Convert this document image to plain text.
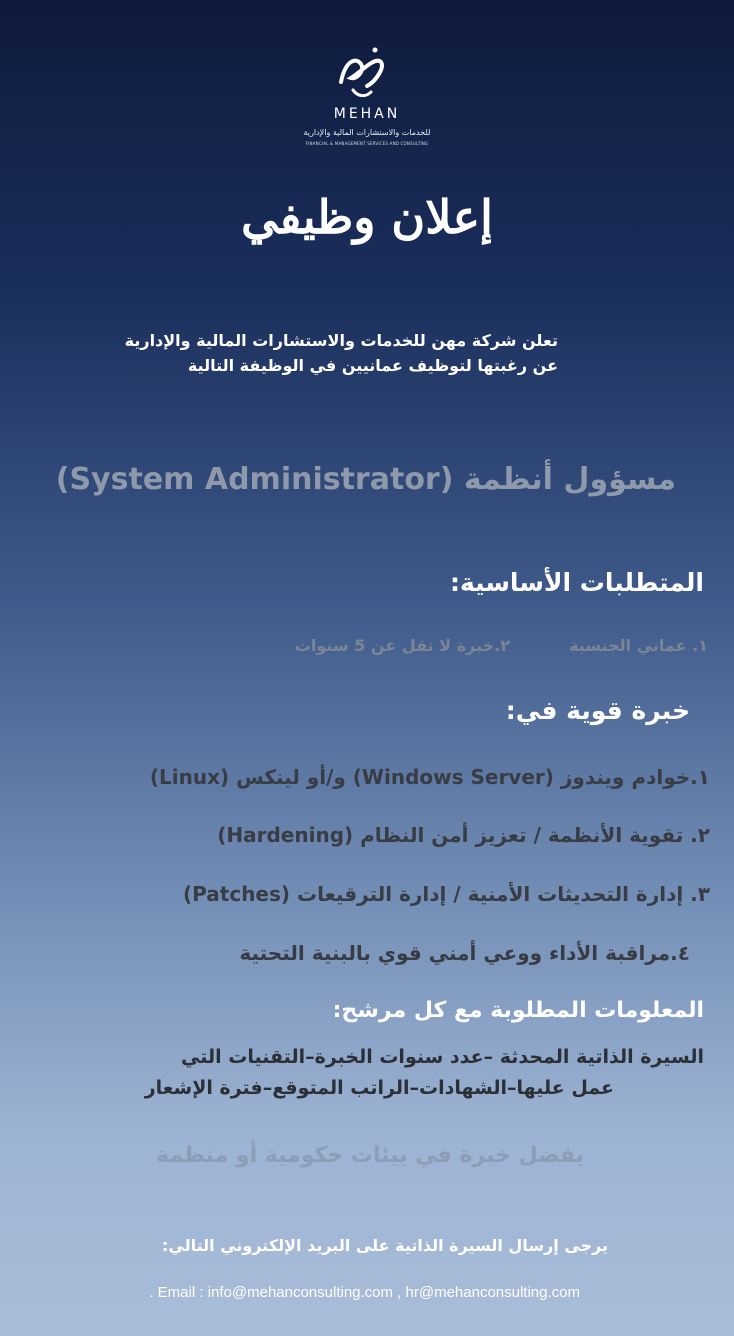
MEHAN
للخدمات والاستشارات المالية والإدارية
FINANCIAL & MANAGEMENT SERVICES AND CONSULTING
إعلان وظيفي
تعلن شركة مهن للخدمات والاستشارات المالية والإدارية
عن رغبتها لتوظيف عمانيين في الوظيفة التالية
مسؤول أنظمة (System Administrator)
المتطلبات الأساسية:
١. عماني الجنسية
٢.خبرة لا تقل عن 5 سنوات
خبرة قوية في:
١.خوادم ويندوز (Windows Server) و/أو لينكس (Linux)
٢. تقوية الأنظمة / تعزيز أمن النظام (Hardening)
٣. إدارة التحديثات الأمنية / إدارة الترقيعات (Patches)
٤.مراقبة الأداء ووعي أمني قوي بالبنية التحتية
المعلومات المطلوبة مع كل مرشح:
السيرة الذاتية المحدثة –عدد سنوات الخبرة–التقنيات التي
عمل عليها–الشهادات–الراتب المتوقع–فترة الإشعار
يفضل خبرة في بيئات حكومية أو منظمة
يرجى إرسال السيرة الذاتية على البريد الإلكتروني التالي:
. Email : info@mehanconsulting.com , hr@mehanconsulting.com
